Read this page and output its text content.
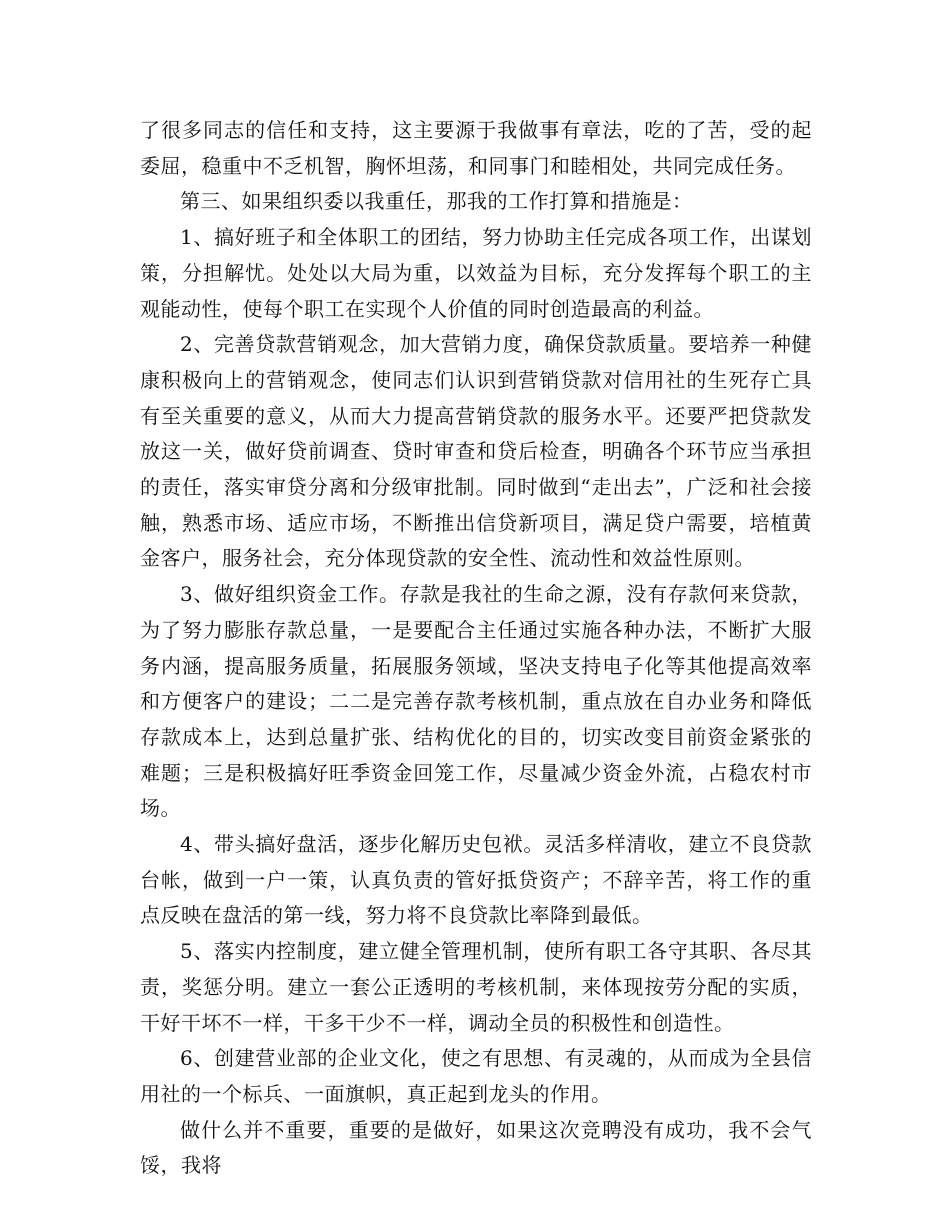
了很多同志的信任和支持，这主要源于我做事有章法，吃的了苦，受的起委屈，稳重中不乏机智，胸怀坦荡，和同事门和睦相处，共同完成任务。

第三、如果组织委以我重任，那我的工作打算和措施是：

1、搞好班子和全体职工的团结，努力协助主任完成各项工作，出谋划策，分担解忧。处处以大局为重，以效益为目标，充分发挥每个职工的主观能动性，使每个职工在实现个人价值的同时创造最高的利益。

2、完善贷款营销观念，加大营销力度，确保贷款质量。要培养一种健康积极向上的营销观念，使同志们认识到营销贷款对信用社的生死存亡具有至关重要的意义，从而大力提高营销贷款的服务水平。还要严把贷款发放这一关，做好贷前调查、贷时审查和贷后检查，明确各个环节应当承担的责任，落实审贷分离和分级审批制。同时做到“走出去”，广泛和社会接触，熟悉市场、适应市场，不断推出信贷新项目，满足贷户需要，培植黄金客户，服务社会，充分体现贷款的安全性、流动性和效益性原则。

3、做好组织资金工作。存款是我社的生命之源，没有存款何来贷款，为了努力膨胀存款总量，一是要配合主任通过实施各种办法，不断扩大服务内涵，提高服务质量，拓展服务领域，坚决支持电子化等其他提高效率和方便客户的建设；二二是完善存款考核机制，重点放在自办业务和降低存款成本上，达到总量扩张、结构优化的目的，切实改变目前资金紧张的难题；三是积极搞好旺季资金回笼工作，尽量减少资金外流，占稳农村市场。

4、带头搞好盘活，逐步化解历史包袱。灵活多样清收，建立不良贷款台帐，做到一户一策，认真负责的管好抵贷资产；不辞辛苦，将工作的重点反映在盘活的第一线，努力将不良贷款比率降到最低。

5、落实内控制度，建立健全管理机制，使所有职工各守其职、各尽其责，奖惩分明。建立一套公正透明的考核机制，来体现按劳分配的实质，干好干坏不一样，干多干少不一样，调动全员的积极性和创造性。

6、创建营业部的企业文化，使之有思想、有灵魂的，从而成为全县信用社的一个标兵、一面旗帜，真正起到龙头的作用。

做什么并不重要，重要的是做好，如果这次竞聘没有成功，我不会气馁，我将
